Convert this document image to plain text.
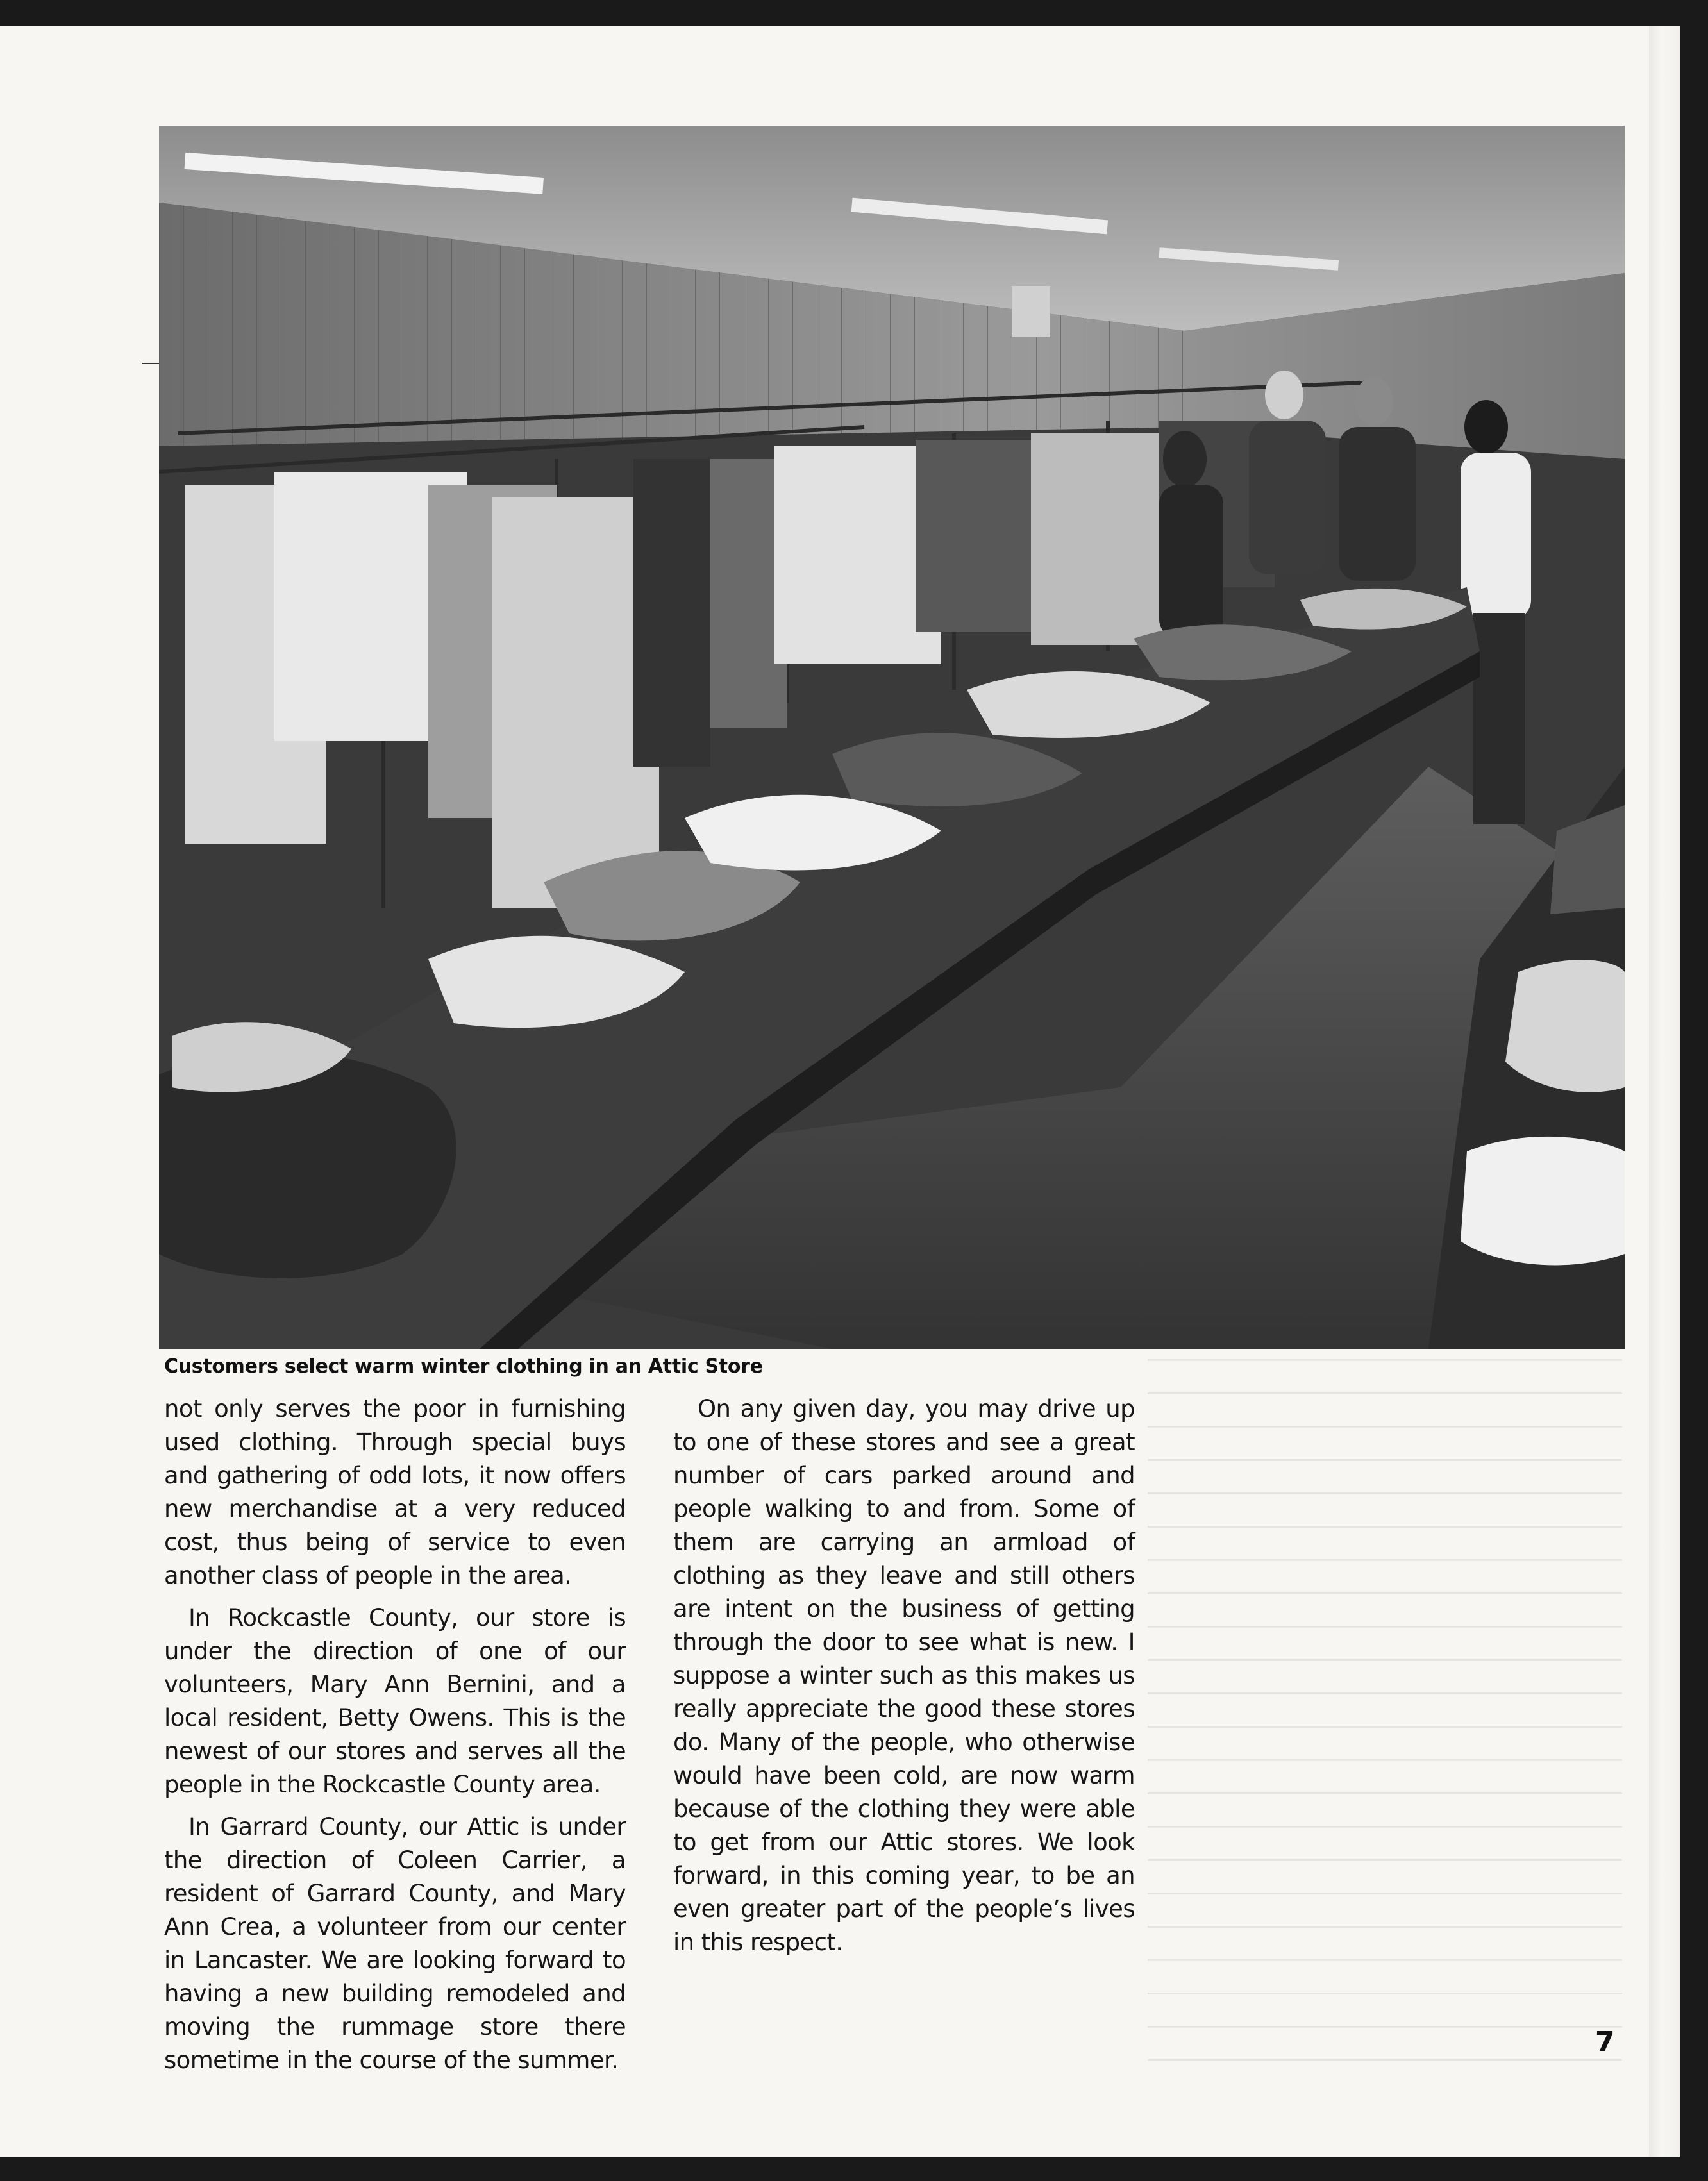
Customers select warm winter clothing in an Attic Store

not only serves the poor in furnishing used clothing. Through special buys and gathering of odd lots, it now offers new merchandise at a very reduced cost, thus being of service to even another class of people in the area.

In Rockcastle County, our store is under the direction of one of our volunteers, Mary Ann Bernini, and a local resident, Betty Owens. This is the newest of our stores and serves all the people in the Rockcastle County area.

In Garrard County, our Attic is under the direction of Coleen Carrier, a resident of Garrard County, and Mary Ann Crea, a volunteer from our center in Lancaster. We are looking forward to having a new building remodeled and moving the rummage store there sometime in the course of the summer.

On any given day, you may drive up to one of these stores and see a great number of cars parked around and people walking to and from. Some of them are carrying an armload of clothing as they leave and still others are intent on the business of getting through the door to see what is new. I suppose a winter such as this makes us really appreciate the good these stores do. Many of the people, who otherwise would have been cold, are now warm because of the clothing they were able to get from our Attic stores. We look forward, in this coming year, to be an even greater part of the people’s lives in this respect.

7
